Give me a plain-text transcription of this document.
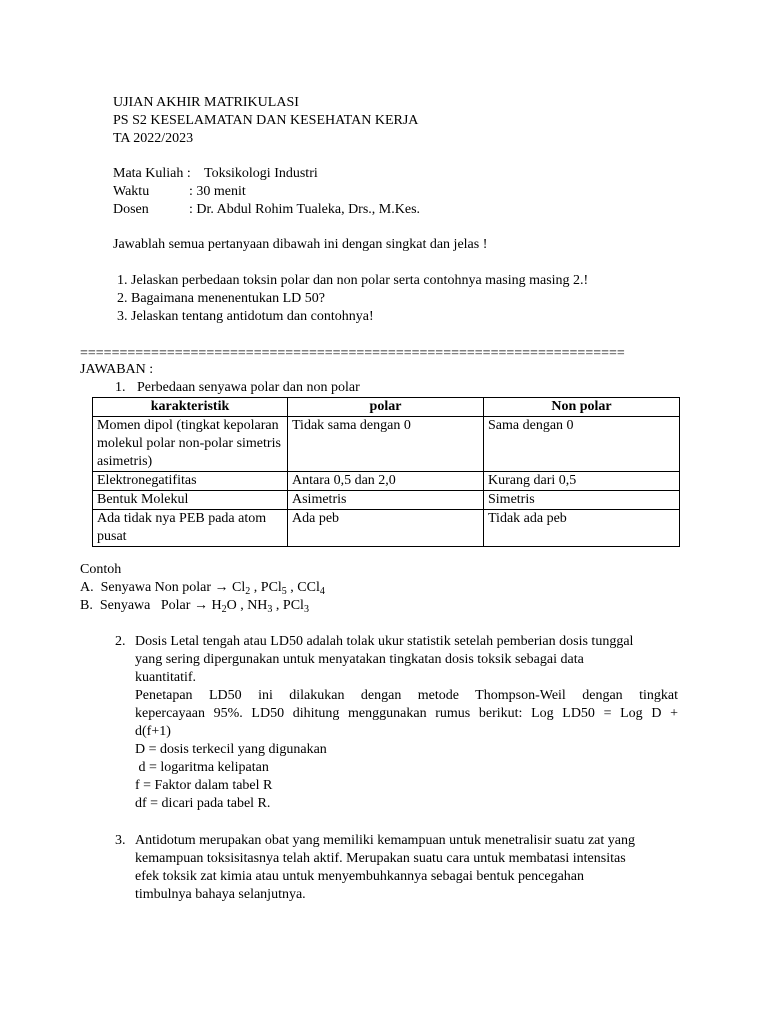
UJIAN AKHIR MATRIKULASI
PS S2 KESELAMATAN DAN KESEHATAN KERJA
TA 2022/2023
Mata Kuliah : Toksikologi Industri
Waktu	: 30 menit
Dosen	: Dr. Abdul Rohim Tualeka, Drs., M.Kes.
Jawablah semua pertanyaan dibawah ini dengan singkat dan jelas !
1. Jelaskan perbedaan toksin polar dan non polar serta contohnya masing masing 2.!
2. Bagaimana menenentukan LD 50?
3. Jelaskan tentang antidotum dan contohnya!
=====================================================================
JAWABAN :
1. Perbedaan senyawa polar dan non polar
karakteristik	polar	Non polar
Momen dipol (tingkat kepolaran molekul polar non-polar simetris asimetris)	Tidak sama dengan 0	Sama dengan 0
Elektronegatifitas	Antara 0,5 dan 2,0	Kurang dari 0,5
Bentuk Molekul	Asimetris	Simetris
Ada tidak nya PEB pada atom pusat	Ada peb	Tidak ada peb
Contoh
A. Senyawa Non polar → $Cl_2$ , PCl$_5$ , CCl$_4$
B. Senyawa   Polar → $H_2O$ , $NH_3$ , PCl$_3$
2. Dosis Letal tengah atau LD50 adalah tolak ukur statistik setelah pemberian dosis tunggal
yang sering dipergunakan untuk menyatakan tingkatan dosis toksik sebagai data
kuantitatif.
Penetapan LD50 ini dilakukan dengan metode Thompson-Weil dengan tingkat
kepercayaan 95%. LD50 dihitung menggunakan rumus berikut: Log LD50 = Log D +
d(f+1)
D = dosis terkecil yang digunakan
d = logaritma kelipatan
f = Faktor dalam tabel R
df = dicari pada tabel R.
3. Antidotum merupakan obat yang memiliki kemampuan untuk menetralisir suatu zat yang
kemampuan toksisitasnya telah aktif. Merupakan suatu cara untuk membatasi intensitas
efek toksik zat kimia atau untuk menyembuhkannya sebagai bentuk pencegahan
timbulnya bahaya selanjutnya.
